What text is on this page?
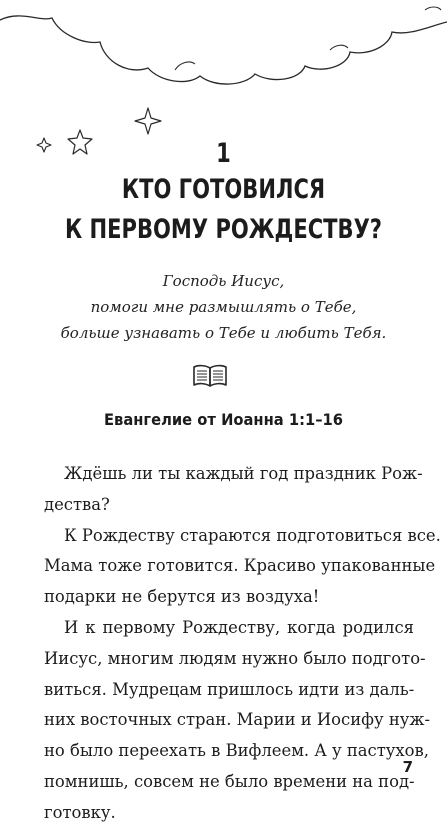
1
КТО ГОТОВИЛСЯ
К ПЕРВОМУ РОЖДЕСТВУ?
Господь Иисус,
помоги мне размышлять о Тебе,
больше узнавать о Тебе и любить Тебя.
Евангелие от Иоанна 1:1–16
Ждёшь ли ты каждый год праздник Рож-
дества?
К Рождеству стараются подготовиться все.
Мама тоже готовится. Красиво упакованные
подарки не берутся из воздуха!
И к первому Рождеству, когда родился
Иисус, многим людям нужно было подгото-
виться. Мудрецам пришлось идти из даль-
них восточных стран. Марии и Иосифу нуж-
но было переехать в Вифлеем. А у пастухов,
помнишь, совсем не было времени на под-
готовку.
7
